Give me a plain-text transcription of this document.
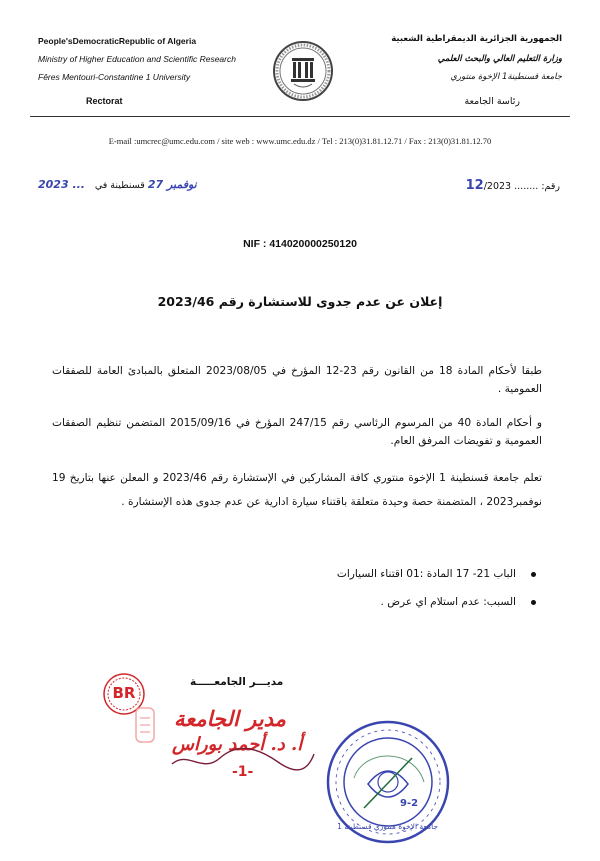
People'sDemocraticRepublic of Algeria
Ministry of Higher Education and Scientific Research
Fêres Mentouri-Constantine 1 University
Rectorat
الجمهورية الجزائرية الديمقراطية الشعبية
وزارة التعليم العالي والبحث العلمي
جامعة قسنطينة1 الإخوة منتوري
رئاسة الجامعة
E-mail :umcrec@umc.edu.com / site web : www.umc.edu.dz / Tel : 213(0)31.81.12.71 / Fax : 213(0)31.81.12.70
رقم: ........ 12/2023
2023 ... نوفمبر 27 قسنطينة في
NIF : 414020000250120
إعلان عن عدم جدوى للاستشارة رقم 2023/46
طبقا لأحكام المادة 18 من القانون رقم 23-12 المؤرخ في 2023/08/05 المتعلق بالمبادئ العامة للصفقات العمومية .
و أحكام المادة 40 من المرسوم الرئاسي رقم 247/15 المؤرخ في 2015/09/16 المتضمن تنظيم الصفقات العمومية و تفويضات المرفق العام.
تعلم جامعة قسنطينة 1 الإخوة منتوري كافة المشاركين في الإستشارة رقم 2023/46 و المعلن عنها بتاريخ 19 نوفمبر2023 ، المتضمنة حصة وحيدة متعلقة باقتناء سيارة ادارية عن عدم جدوى هذه الإستشارة .
الباب 21- 17 المادة :01 اقتناء السيارات
السبب: عدم استلام اي عرض .
مديـــر الجامعـــــة
BR
مدير الجامعة
أ. د. أحمد بوراس
-1-
9-2
جامعة الإخوة منتوري قسنطينة 1
